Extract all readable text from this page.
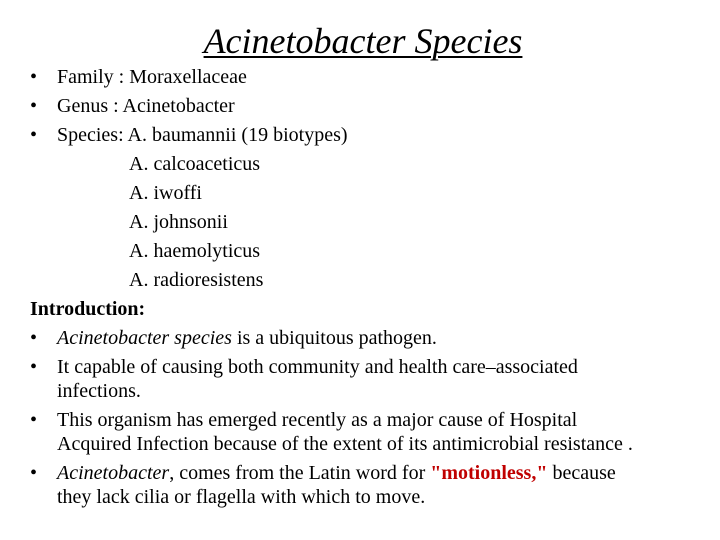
Acinetobacter Species
• Family : Moraxellaceae
• Genus : Acinetobacter
• Species: A. baumannii (19 biotypes)
A. calcoaceticus
A. iwoffi
A. johnsonii
A. haemolyticus
A. radioresistens
Introduction:
• Acinetobacter species is a ubiquitous pathogen.
• It capable of causing both community and health care–associated
infections.
• This organism has emerged recently as a major cause of Hospital
Acquired Infection because of the extent of its antimicrobial resistance .
• Acinetobacter, comes from the Latin word for "motionless," because
they lack cilia or flagella with which to move.
